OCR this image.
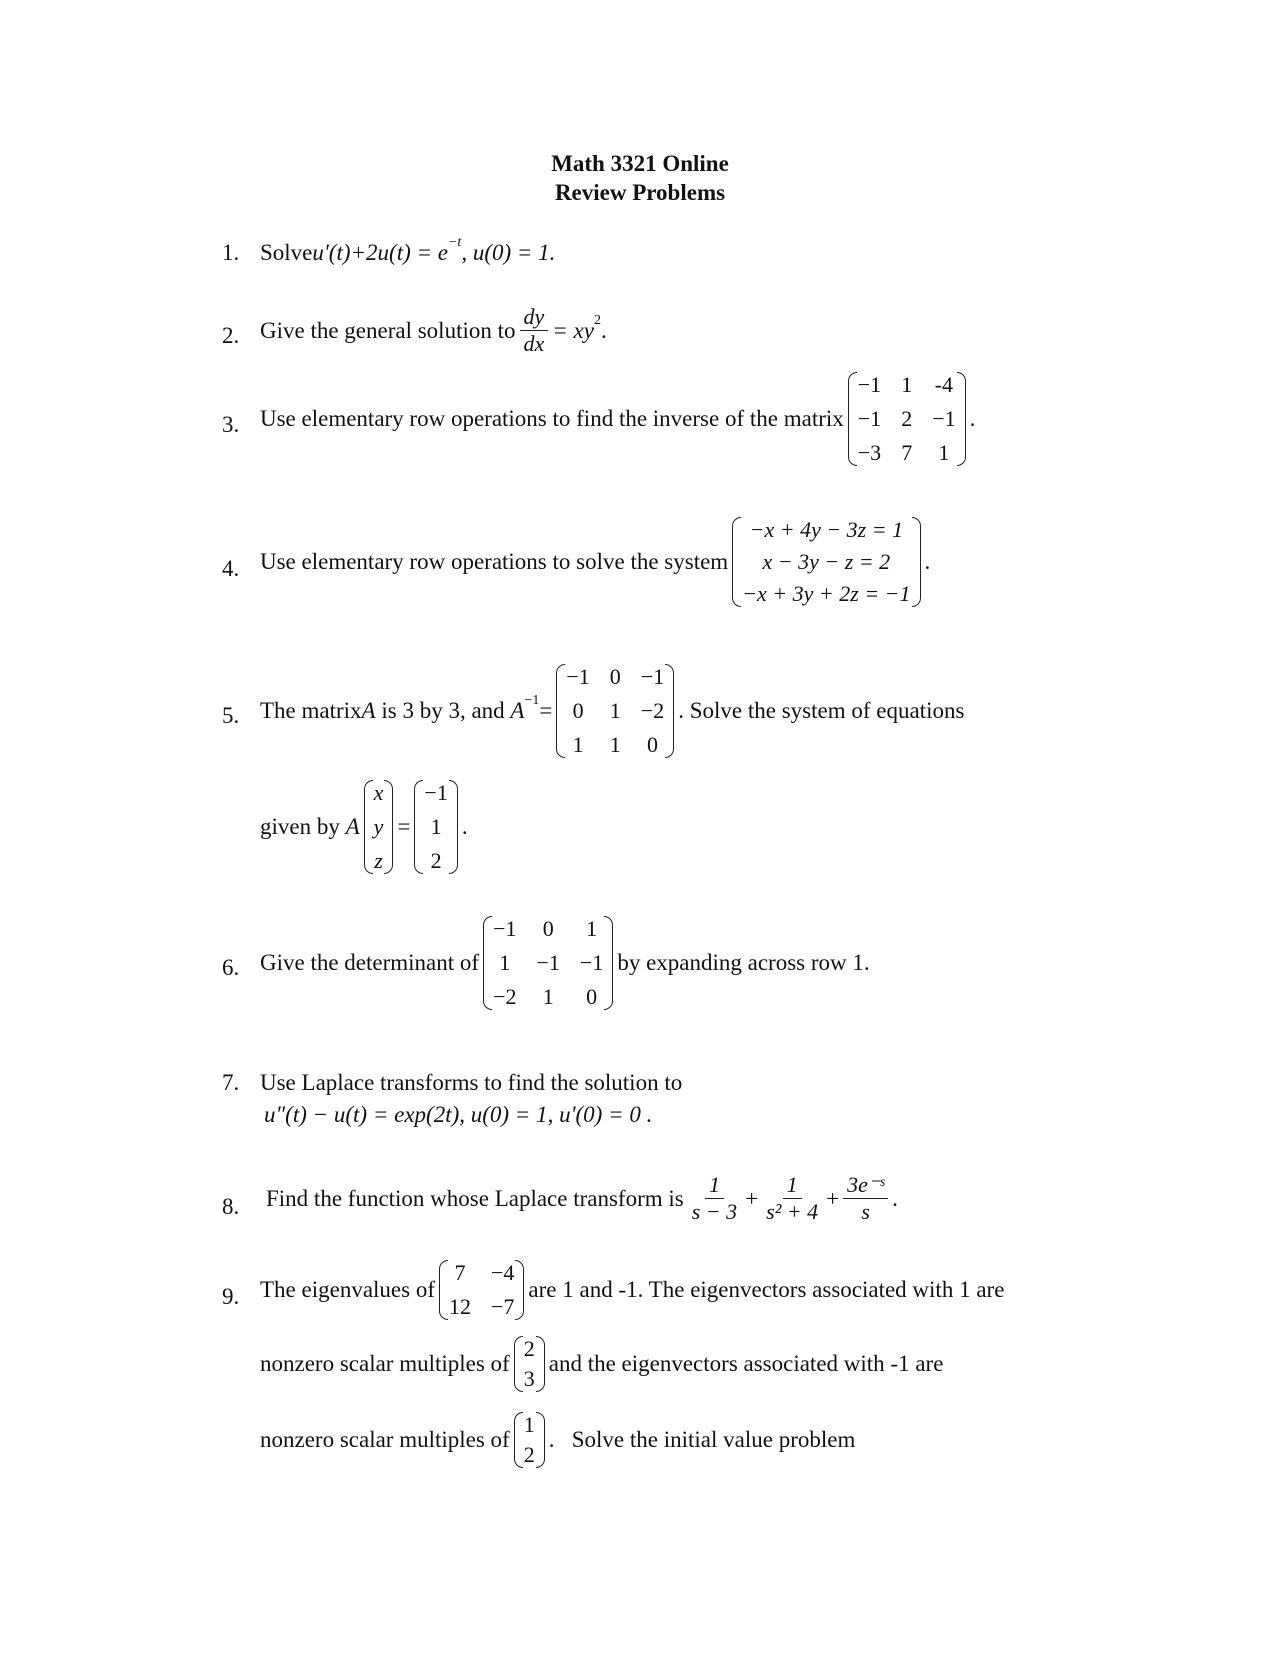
Math 3321 Online
Review Problems
1. Solve u'(t)+2u(t) = e −t , u(0) = 1.
2. Give the general solution to $\frac{dy}{dx}$ = xy 2 .
3. Use elementary row operations to find the inverse of the matrix
−1 1 -4
−1 2 −1
−3 7 1
.
4. Use elementary row operations to solve the system
−x + 4y − 3z = 1
x − 3y − z = 2
−x + 3y + 2z = −1
.
5. The matrix A is 3 by 3, and A −1 =
−1 0 −1
0 1 −2
1 1 0
. Solve the system of equations
given by A
x
y
z
=
−1
1
2
.
6. Give the determinant of
−1 0 1
1 −1 −1
−2 1 0
by expanding across row 1.
7. Use Laplace transforms to find the solution to
u"(t) − u(t) = exp(2t), u(0) = 1, u'(0) = 0 .
8. Find the function whose Laplace transform is $\frac{1}{s - 3} + \frac{1}{\text{s² + 4}} + \frac{\text{3e⁻ˢ}}{s}$ .
9. The eigenvalues of
7 −4
12 −7
are 1 and -1. The eigenvectors associated with 1 are
nonzero scalar multiples of
2
3
and the eigenvectors associated with -1 are
nonzero scalar multiples of
1
2
.   Solve the initial value problem
